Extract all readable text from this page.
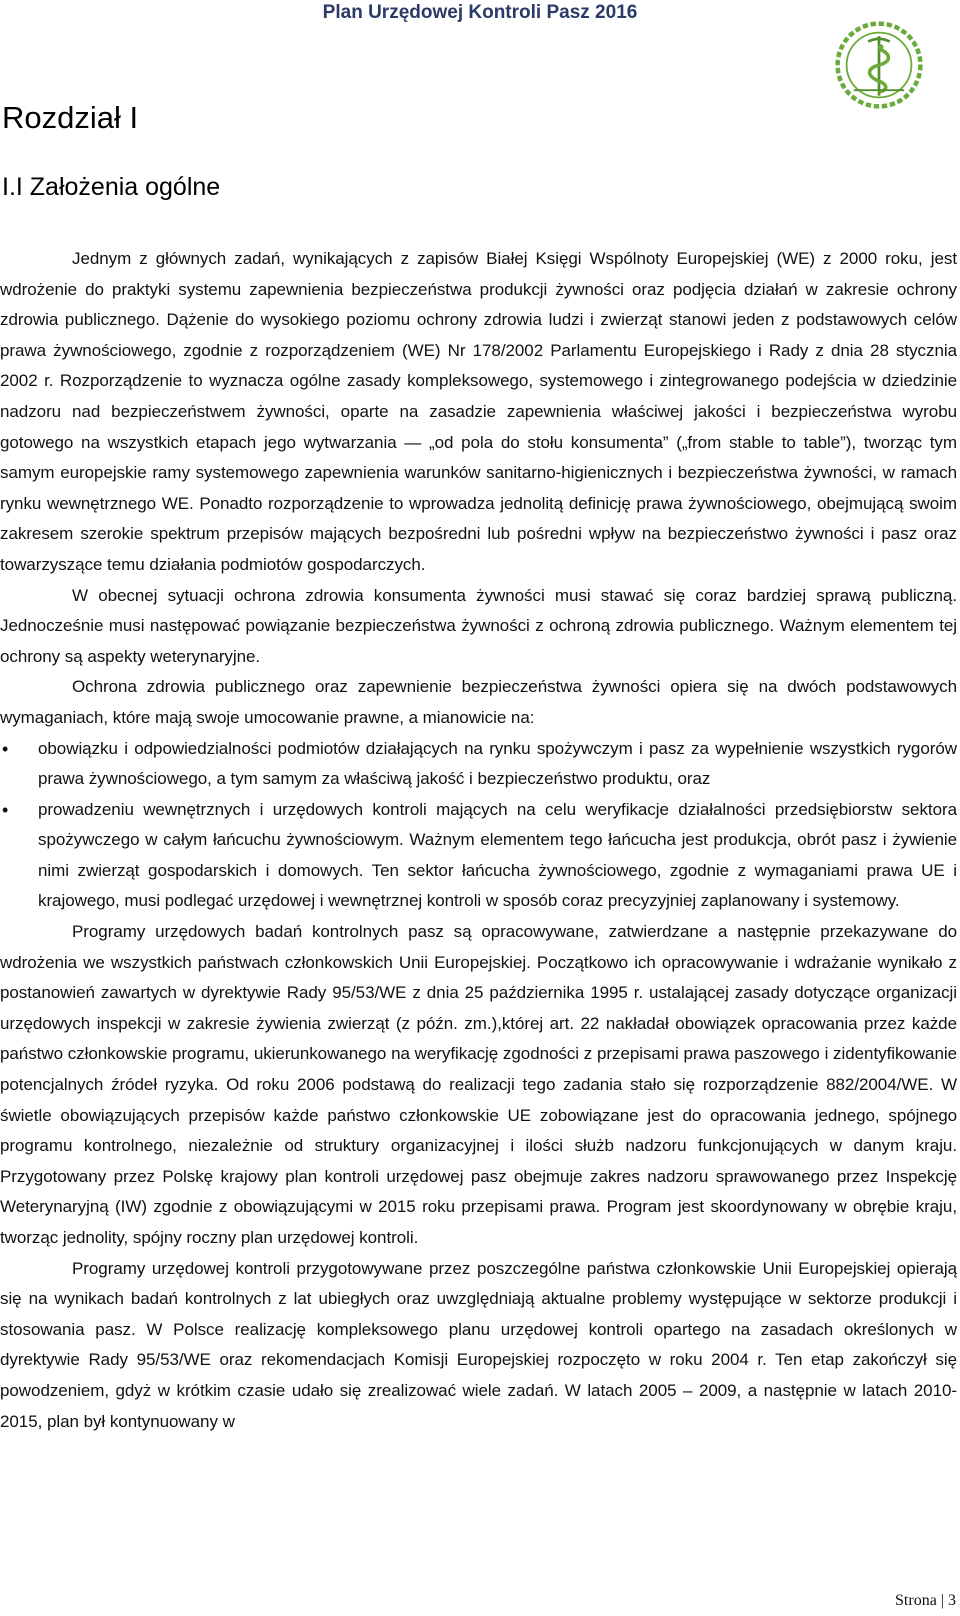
Plan Urzędowej Kontroli Pasz 2016
Rozdział I
I.I Założenia ogólne

Jednym z głównych zadań, wynikających z zapisów Białej Księgi Wspólnoty Europejskiej (WE) z 2000 roku, jest wdrożenie do praktyki systemu zapewnienia bezpieczeństwa produkcji żywności oraz podjęcia działań w zakresie ochrony zdrowia publicznego. Dążenie do wysokiego poziomu ochrony zdrowia ludzi i zwierząt stanowi jeden z podstawowych celów prawa żywnościowego, zgodnie z rozporządzeniem (WE) Nr 178/2002 Parlamentu Europejskiego i Rady z dnia 28 stycznia 2002 r. Rozporządzenie to wyznacza ogólne zasady kompleksowego, systemowego i zintegrowanego podejścia w dziedzinie nadzoru nad bezpieczeństwem żywności, oparte na zasadzie zapewnienia właściwej jakości i bezpieczeństwa wyrobu gotowego na wszystkich etapach jego wytwarzania — „od pola do stołu konsumenta” („from stable to table”), tworząc tym samym europejskie ramy systemowego zapewnienia warunków sanitarno-higienicznych i bezpieczeństwa żywności, w ramach rynku wewnętrznego WE. Ponadto rozporządzenie to wprowadza jednolitą definicję prawa żywnościowego, obejmującą swoim zakresem szerokie spektrum przepisów mających bezpośredni lub pośredni wpływ na bezpieczeństwo żywności i pasz oraz towarzyszące temu działania podmiotów gospodarczych.

W obecnej sytuacji ochrona zdrowia konsumenta żywności musi stawać się coraz bardziej sprawą publiczną. Jednocześnie musi następować powiązanie bezpieczeństwa żywności z ochroną zdrowia publicznego. Ważnym elementem tej ochrony są aspekty weterynaryjne.

Ochrona zdrowia publicznego oraz zapewnienie bezpieczeństwa żywności opiera się na dwóch podstawowych wymaganiach, które mają swoje umocowanie prawne, a mianowicie na:

• obowiązku i odpowiedzialności podmiotów działających na rynku spożywczym i pasz za wypełnienie wszystkich rygorów prawa żywnościowego, a tym samym za właściwą jakość i bezpieczeństwo produktu, oraz
• prowadzeniu wewnętrznych i urzędowych kontroli mających na celu weryfikacje działalności przedsiębiorstw sektora spożywczego w całym łańcuchu żywnościowym. Ważnym elementem tego łańcucha jest produkcja, obrót pasz i żywienie nimi zwierząt gospodarskich i domowych. Ten sektor łańcucha żywnościowego, zgodnie z wymaganiami prawa UE i krajowego, musi podlegać urzędowej i wewnętrznej kontroli w sposób coraz precyzyjniej zaplanowany i systemowy.

Programy urzędowych badań kontrolnych pasz są opracowywane, zatwierdzane a następnie przekazywane do wdrożenia we wszystkich państwach członkowskich Unii Europejskiej. Początkowo ich opracowywanie i wdrażanie wynikało z postanowień zawartych w dyrektywie Rady 95/53/WE z dnia 25 października 1995 r. ustalającej zasady dotyczące organizacji urzędowych inspekcji w zakresie żywienia zwierząt (z późn. zm.),której art. 22 nakładał obowiązek opracowania przez każde państwo członkowskie programu, ukierunkowanego na weryfikację zgodności z przepisami prawa paszowego i zidentyfikowanie potencjalnych źródeł ryzyka. Od roku 2006 podstawą do realizacji tego zadania stało się rozporządzenie 882/2004/WE. W świetle obowiązujących przepisów każde państwo członkowskie UE zobowiązane jest do opracowania jednego, spójnego programu kontrolnego, niezależnie od struktury organizacyjnej i ilości służb nadzoru funkcjonujących w danym kraju. Przygotowany przez Polskę krajowy plan kontroli urzędowej pasz obejmuje zakres nadzoru sprawowanego przez Inspekcję Weterynaryjną (IW) zgodnie z obowiązującymi w 2015 roku przepisami prawa. Program jest skoordynowany w obrębie kraju, tworząc jednolity, spójny roczny plan urzędowej kontroli.

Programy urzędowej kontroli przygotowywane przez poszczególne państwa członkowskie Unii Europejskiej opierają się na wynikach badań kontrolnych z lat ubiegłych oraz uwzględniają aktualne problemy występujące w sektorze produkcji i stosowania pasz. W Polsce realizację kompleksowego planu urzędowej kontroli opartego na zasadach określonych w dyrektywie Rady 95/53/WE oraz rekomendacjach Komisji Europejskiej rozpoczęto w roku 2004 r. Ten etap zakończył się powodzeniem, gdyż w krótkim czasie udało się zrealizować wiele zadań. W latach 2005 – 2009, a następnie w latach 2010-2015, plan był kontynuowany w

Strona | 3
